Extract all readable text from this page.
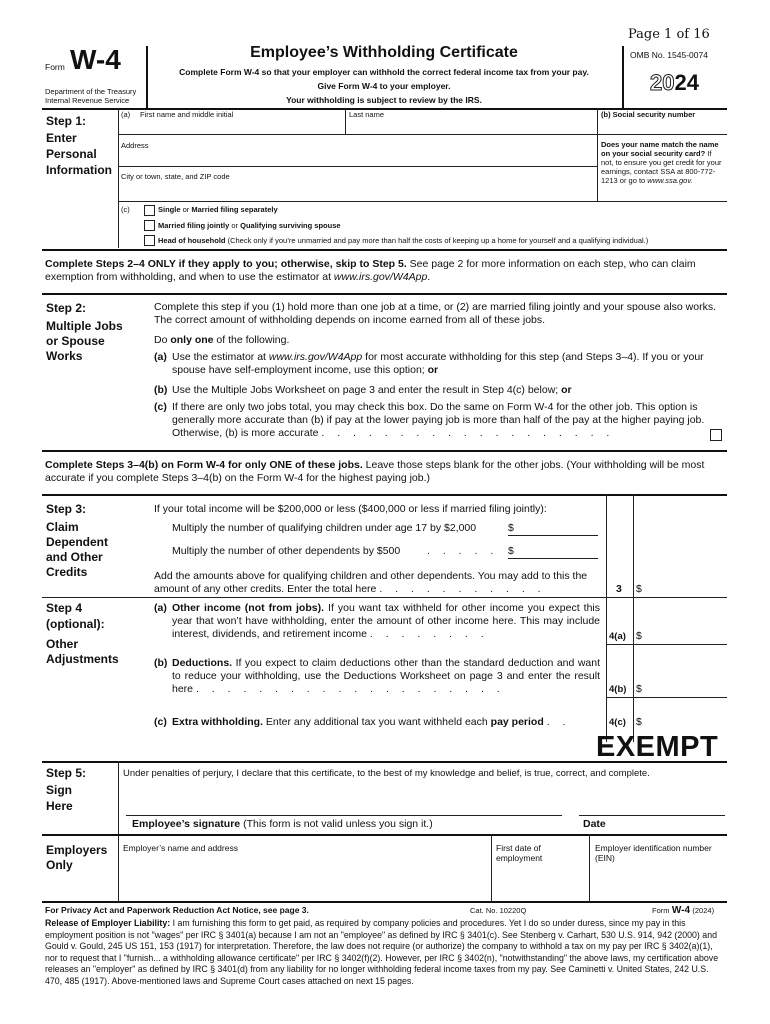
Page 1 of 16
Form W-4
Department of the Treasury
Internal Revenue Service
Employee’s Withholding Certificate
Complete Form W-4 so that your employer can withhold the correct federal income tax from your pay.
Give Form W-4 to your employer.
Your withholding is subject to review by the IRS.
OMB No. 1545-0074
2024
Step 1:
Enter
Personal
Information
(a) First name and middle initial	Last name	(b) Social security number
Address
City or town, state, and ZIP code
Does your name match the name on your social security card? If not, to ensure you get credit for your earnings, contact SSA at 800-772-1213 or go to www.ssa.gov.
(c)	Single or Married filing separately
Married filing jointly or Qualifying surviving spouse
Head of household (Check only if you’re unmarried and pay more than half the costs of keeping up a home for yourself and a qualifying individual.)
Complete Steps 2–4 ONLY if they apply to you; otherwise, skip to Step 5. See page 2 for more information on each step, who can claim exemption from withholding, and when to use the estimator at www.irs.gov/W4App.
Step 2:
Multiple Jobs
or Spouse
Works
Complete this step if you (1) hold more than one job at a time, or (2) are married filing jointly and your spouse also works. The correct amount of withholding depends on income earned from all of these jobs.
Do only one of the following.
(a) Use the estimator at www.irs.gov/W4App for most accurate withholding for this step (and Steps 3–4). If you or your spouse have self-employment income, use this option; or
(b) Use the Multiple Jobs Worksheet on page 3 and enter the result in Step 4(c) below; or
(c) If there are only two jobs total, you may check this box. Do the same on Form W-4 for the other job. This option is generally more accurate than (b) if pay at the lower paying job is more than half of the pay at the higher paying job. Otherwise, (b) is more accurate . . . . . . . . . . . . . . . . . . .
Complete Steps 3–4(b) on Form W-4 for only ONE of these jobs. Leave those steps blank for the other jobs. (Your withholding will be most accurate if you complete Steps 3–4(b) on the Form W-4 for the highest paying job.)
Step 3:
Claim
Dependent
and Other
Credits
If your total income will be $200,000 or less ($400,000 or less if married filing jointly):
Multiply the number of qualifying children under age 17 by $2,000	$
Multiply the number of other dependents by $500	. . . . . $
Add the amounts above for qualifying children and other dependents. You may add to this the amount of any other credits. Enter the total here . . . . . . . . . . .	3 $
Step 4
(optional):
Other
Adjustments
(a) Other income (not from jobs). If you want tax withheld for other income you expect this year that won’t have withholding, enter the amount of other income here. This may include interest, dividends, and retirement income . . . . . . . .	4(a) $
(b) Deductions. If you expect to claim deductions other than the standard deduction and want to reduce your withholding, use the Deductions Worksheet on page 3 and enter the result here . . . . . . . . . . . . . . . . . . . .	4(b) $
(c) Extra withholding. Enter any additional tax you want withheld each pay period . .	4(c) $
EXEMPT
Step 5:
Sign
Here
Under penalties of perjury, I declare that this certificate, to the best of my knowledge and belief, is true, correct, and complete.
Employee’s signature (This form is not valid unless you sign it.)	Date
Employers
Only
Employer’s name and address	First date of employment
Employer identification number (EIN)
For Privacy Act and Paperwork Reduction Act Notice, see page 3.	Cat. No. 10220Q	Form W-4 (2024)
Release of Employer Liability: I am furnishing this form to get paid, as required by company policies and procedures. Yet I do so under duress, since my pay in this employment position is not "wages" per IRC § 3401(a) because I am not an "employee" as defined by IRC § 3401(c). See Stenberg v. Carhart, 530 U.S. 914, 942 (2000) and Gould v. Gould, 245 US 151, 153 (1917) for interpretation. Therefore, the law does not require (or authorize) the company to withhold a tax on my pay per IRC § 3402(a)(1), nor to request that I "furnish... a withholding allowance certificate" per IRC § 3402(f)(2). However, per IRC § 3402(n), "notwithstanding" the above laws, my certification above releases an "employer" as defined by IRC § 3401(d) from any liability for no longer withholding federal income taxes from my pay. See Caminetti v. United States, 242 U.S. 470, 485 (1917). Above-mentioned laws and Supreme Court cases attached on next 15 pages.
